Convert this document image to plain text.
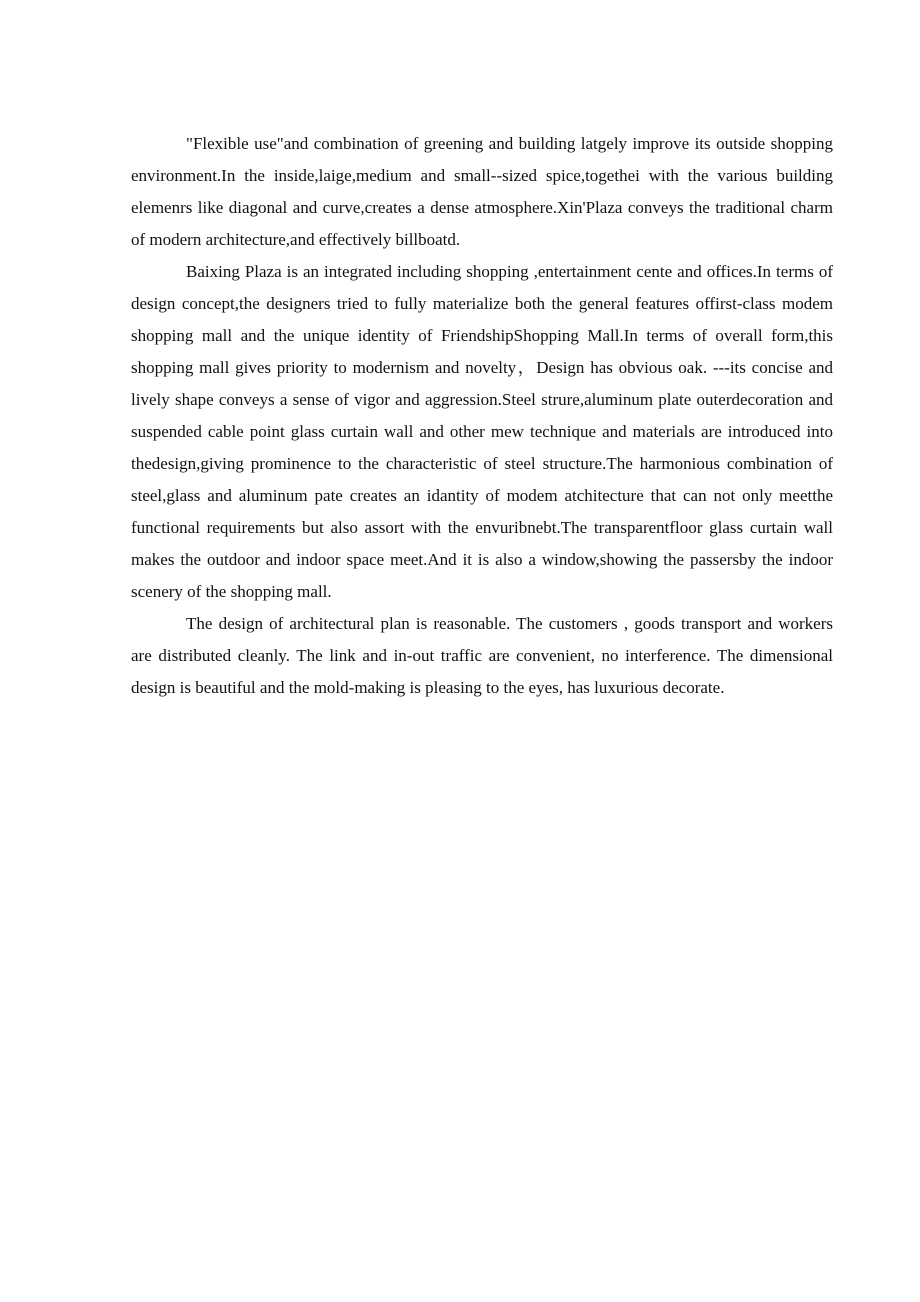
"Flexible use"and combination of greening and building latgely improve its outside shopping environment.In the inside,laige,medium and small--sized spice,togethei with the various building elemenrs like diagonal and curve,creates a dense atmosphere.Xin'Plaza conveys the traditional charm of modern architecture,and effectively billboatd.

Baixing Plaza is an integrated including shopping ,entertainment cente and offices.In terms of design concept,the designers tried to fully materialize both the general features offirst-class modem shopping mall and the unique identity of FriendshipShopping Mall.In terms of overall form,this shopping mall gives priority to modernism and novelty，Design has obvious oak. ---its concise and lively shape conveys a sense of vigor and aggression.Steel strure,aluminum plate outerdecoration and suspended cable point glass curtain wall and other mew technique and materials are introduced into thedesign,giving prominence to the characteristic of steel structure.The harmonious combination of steel,glass and aluminum pate creates an idantity of modem atchitecture that can not only meetthe functional requirements but also assort with the envuribnebt.The transparentfloor glass curtain wall makes the outdoor and indoor space meet.And it is also a window,showing the passersby the indoor scenery of the shopping mall.

The design of architectural plan is reasonable. The customers , goods transport and workers are distributed cleanly. The link and in-out traffic are convenient, no interference. The dimensional design is beautiful and the mold-making is pleasing to the eyes, has luxurious decorate.
